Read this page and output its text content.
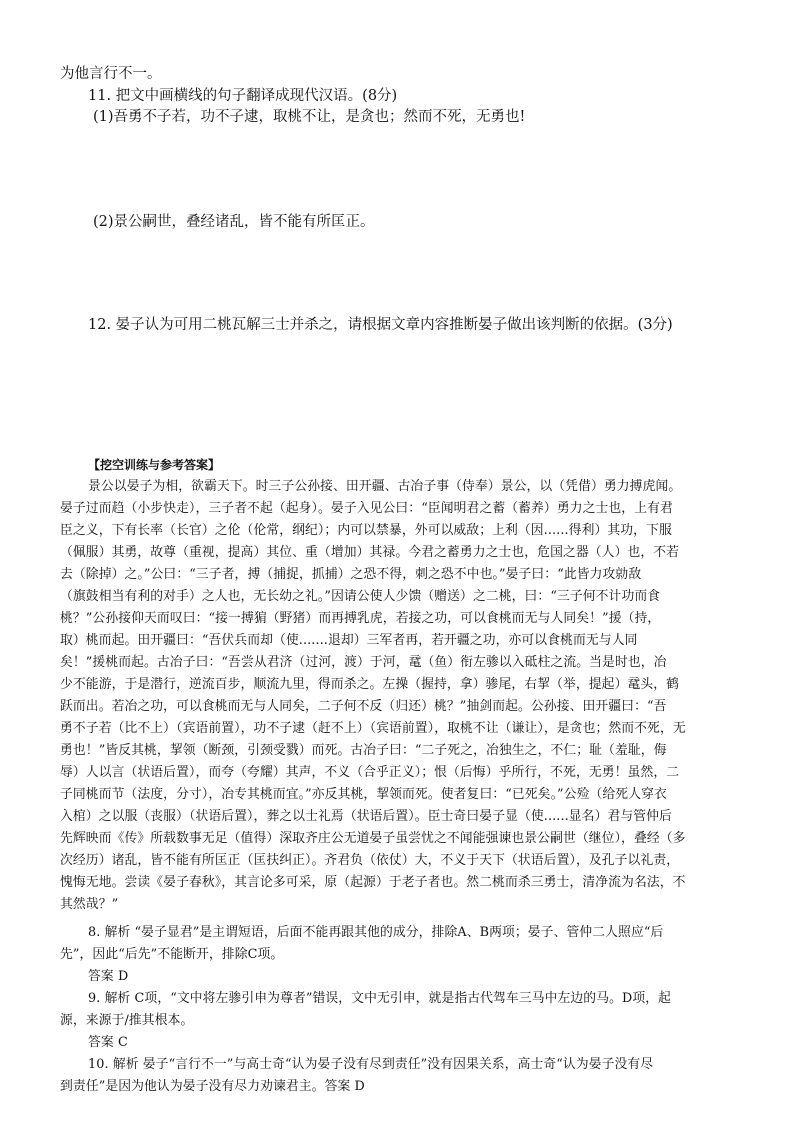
为他言行不一。
11. 把文中画横线的句子翻译成现代汉语。(8分)
(1)吾勇不子若，功不子逮，取桃不让，是贪也；然而不死，无勇也!
(2)景公嗣世，叠经诸乱，皆不能有所匡正。
12. 晏子认为可用二桃瓦解三士并杀之，请根据文章内容推断晏子做出该判断的依据。(3分)
【挖空训练与参考答案】
景公以晏子为相，欲霸天下。时三子公孙接、田开疆、古冶子事（侍奉）景公，以（凭借）勇力搏虎闻。
晏子过而趋（小步快走），三子者不起（起身）。晏子入见公曰：“臣闻明君之蓄（蓄养）勇力之士也，上有君
臣之义，下有长率（长官）之伦（伦常，纲纪）；内可以禁暴，外可以威敌；上利（因......得利）其功，下服
（佩服）其勇，故尊（重视，提高）其位、重（增加）其禄。今君之蓄勇力之士也，危国之器（人）也，不若
去（除掉）之。”公曰：“三子者，搏（捕捉，抓捕）之恐不得，刺之恐不中也。”晏子曰：“此皆力攻勍敌
（旗鼓相当有利的对手）之人也，无长幼之礼。”因请公使人少馈（赠送）之二桃，曰：“三子何不计功而食
桃？”公孙接仰天而叹曰：“接一搏猏（野猪）而再搏乳虎，若接之功，可以食桃而无与人同矣！”援（持，
取）桃而起。田开疆曰：“吾伏兵而却（使.......退却）三军者再，若开疆之功，亦可以食桃而无与人同
矣！”援桃而起。古冶子曰：“吾尝从君济（过河，渡）于河，鼋（鱼）衔左骖以入砥柱之流。当是时也，冶
少不能游，于是潜行，逆流百步，顺流九里，得而杀之。左操（握持，拿）骖尾，右挈（举，提起）鼋头，鹤
跃而出。若冶之功，可以食桃而无与人同矣，二子何不反（归还）桃？”抽剑而起。公孙接、田开疆曰：“吾
勇不子若（比不上）（宾语前置），功不子逮（赶不上）（宾语前置），取桃不让（谦让），是贪也；然而不死，无
勇也！”皆反其桃，挈领（断颈，引颈受戮）而死。古冶子曰：“二子死之，冶独生之，不仁；耻（羞耻，侮
辱）人以言（状语后置），而夸（夸耀）其声，不义（合乎正义）；恨（后悔）乎所行，不死，无勇！虽然，二
子同桃而节（法度，分寸），冶专其桃而宜。”亦反其桃，挈领而死。使者复曰：“已死矣。”公殓（给死人穿衣
入棺）之以服（丧服）（状语后置），葬之以士礼焉（状语后置）。臣士奇曰晏子显（使......显名）君与管仲后
先辉映而《传》所载数事无足（值得）深取齐庄公无道晏子虽尝忧之不闻能强谏也景公嗣世（继位），叠经（多
次经历）诸乱，皆不能有所匡正（匡扶纠正）。齐君负（依仗）大，不义于天下（状语后置），及孔子以礼责，
愧悔无地。尝读《晏子春秋》，其言论多可采，原（起源）于老子者也。然二桃而杀三勇士，清净流为名法，不
其然哉？”
8. 解析 “晏子显君”是主谓短语，后面不能再跟其他的成分，排除A、B两项；晏子、管仲二人照应“后
先”，因此“后先”不能断开，排除C项。
答案 D
9. 解析 C项，“文中将左骖引申为尊者”错误，文中无引申，就是指古代驾车三马中左边的马。D项，起
源，来源于/推其根本。
答案 C
10. 解析 晏子“言行不一”与高士奇“认为晏子没有尽到责任”没有因果关系，高士奇“认为晏子没有尽
到责任”是因为他认为晏子没有尽力劝谏君主。答案 D
